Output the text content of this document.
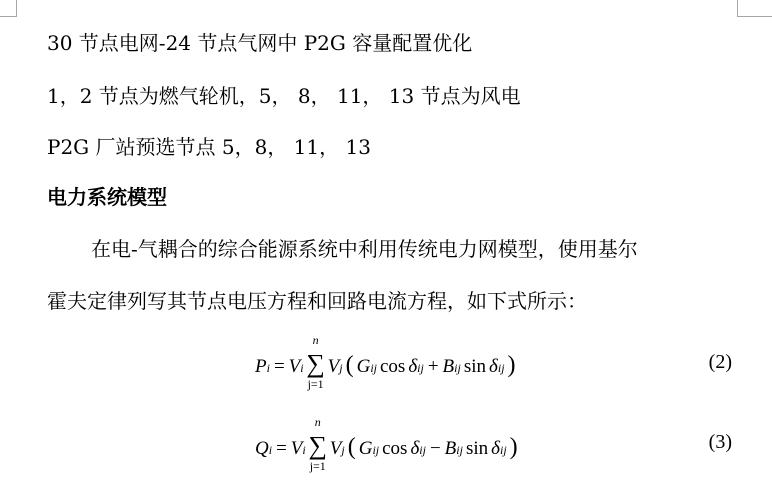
30 节点电网-24 节点气网中 P2G 容量配置优化
1，2 节点为燃气轮机，5， 8， 11， 13 节点为风电
P2G 厂站预选节点 5，8， 11， 13
电力系统模型
在电-气耦合的综合能源系统中利用传统电力网模型，使用基尔
霍夫定律列写其节点电压方程和回路电流方程，如下式所示：
P i = V i ∑
n
j=1
V j ( G ij cos δ ij + B ij sin δ ij )	(2)
Q i = V i ∑
n
j=1
V j ( G ij cos δ ij − B ij sin δ ij )	(3)
